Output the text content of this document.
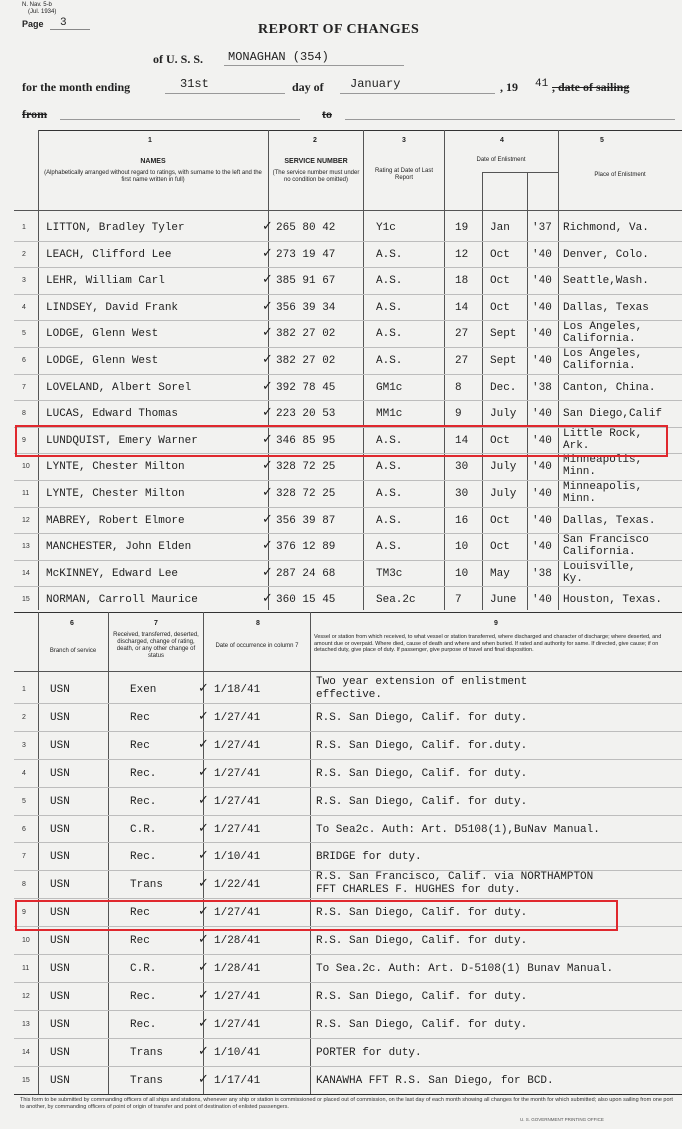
N. Nav. 5-b
(Jul. 1934)
Page 3	REPORT OF CHANGES
of U. S. S. MONAGHAN (354)
for the month ending	31st	day of January	, 19 41 , date of sailing
from	to
1
NAMES
(Alphabetically arranged without regard to ratings, with surname to the left and the first name written in full)
2
SERVICE NUMBER
(The service number must under no condition be omitted)
3
Rating at Date of Last Report
4
Date of Enlistment
5
Place of Enlistment
1 LITTON, Bradley Tyler	✓ 265 80 42	Y1c	19 Jan '37 Richmond, Va.
2 LEACH, Clifford Lee	✓ 273 19 47	A.S.	12 Oct '40 Denver, Colo.
3 LEHR, William Carl	✓ 385 91 67	A.S.	18 Oct '40 Seattle,Wash.
4 LINDSEY, David Frank	✓ 356 39 34	A.S.	14 Oct '40 Dallas, Texas
5 LODGE, Glenn West	✓ 382 27 02	A.S.	27 Sept '40
Los Angeles,
California.
6 LODGE, Glenn West	✓ 382 27 02	A.S.	27 Sept '40
Los Angeles,
California.
7 LOVELAND, Albert Sorel	✓ 392 78 45	GM1c	8	Dec. '38 Canton, China.
8 LUCAS, Edward Thomas	✓ 223 20 53	MM1c	9	July '40 San Diego,Calif
9 LUNDQUIST, Emery Warner	✓ 346 85 95	A.S.	14 Oct '40
Little Rock,
Ark.
10 LYNTE, Chester Milton	✓ 328 72 25	A.S.	30 July '40
Minneapolis,
Minn.
11 LYNTE, Chester Milton	✓ 328 72 25	A.S.	30 July '40
Minneapolis,
Minn.
12 MABREY, Robert Elmore	✓ 356 39 87	A.S.	16 Oct '40 Dallas, Texas.
13 MANCHESTER, John Elden	✓ 376 12 89	A.S.	10 Oct '40
San Francisco
California.
14 McKINNEY, Edward Lee	✓ 287 24 68	TM3c	10 May '38
Louisville,
Ky.
15 NORMAN, Carroll Maurice	✓ 360 15 45	Sea.2c	7	June '40 Houston, Texas.
6
Branch of service
7
Received, transferred, deserted, discharged, change of rating, death, or any other change of status
8
Date of occurrence in column 7
9
Vessel or station from which received, to what vessel or station transferred, where discharged and character of discharge; where deserted, and amount due or overpaid. Where died, cause of death and where and when buried. If rated and authority for same. If directed, give cause; if on detached duty, give place of duty. If passenger, give purpose of travel and final disposition.
1 USN	Exen	✓ 1/18/41
Two year extension of enlistment
effective.
2 USN	Rec	✓ 1/27/41	R.S. San Diego, Calif. for duty.
3 USN	Rec	✓ 1/27/41	R.S. San Diego, Calif. for.duty.
4 USN	Rec.	✓ 1/27/41	R.S. San Diego, Calif. for duty.
5 USN	Rec.	✓ 1/27/41	R.S. San Diego, Calif. for duty.
6 USN	C.R.	✓ 1/27/41	To Sea2c. Auth: Art. D5108(1),BuNav Manual.
7 USN	Rec.	✓ 1/10/41	BRIDGE for duty.
8 USN	Trans	✓ 1/22/41
R.S. San Francisco, Calif. via NORTHAMPTON
FFT CHARLES F. HUGHES for duty.
9 USN	Rec	✓ 1/27/41	R.S. San Diego, Calif. for duty.
10 USN	Rec	✓ 1/28/41	R.S. San Diego, Calif. for duty.
11 USN	C.R.	✓ 1/28/41	To Sea.2c. Auth: Art. D-5108(1) Bunav Manual.
12 USN	Rec.	✓ 1/27/41	R.S. San Diego, Calif. for duty.
13 USN	Rec.	✓ 1/27/41	R.S. San Diego, Calif. for duty.
14 USN	Trans	✓ 1/10/41	PORTER for duty.
15 USN	Trans	✓ 1/17/41	KANAWHA FFT R.S. San Diego, for BCD.
This form to be submitted by commanding officers of all ships and stations, whenever any ship or station is commissioned or placed out of commission, on the last day of each month showing all changes for the month for which submitted; also upon sailing from one port to another, by commanding officers of point of origin of transfer and point of destination of enlisted passengers.
U. S. GOVERNMENT PRINTING OFFICE
